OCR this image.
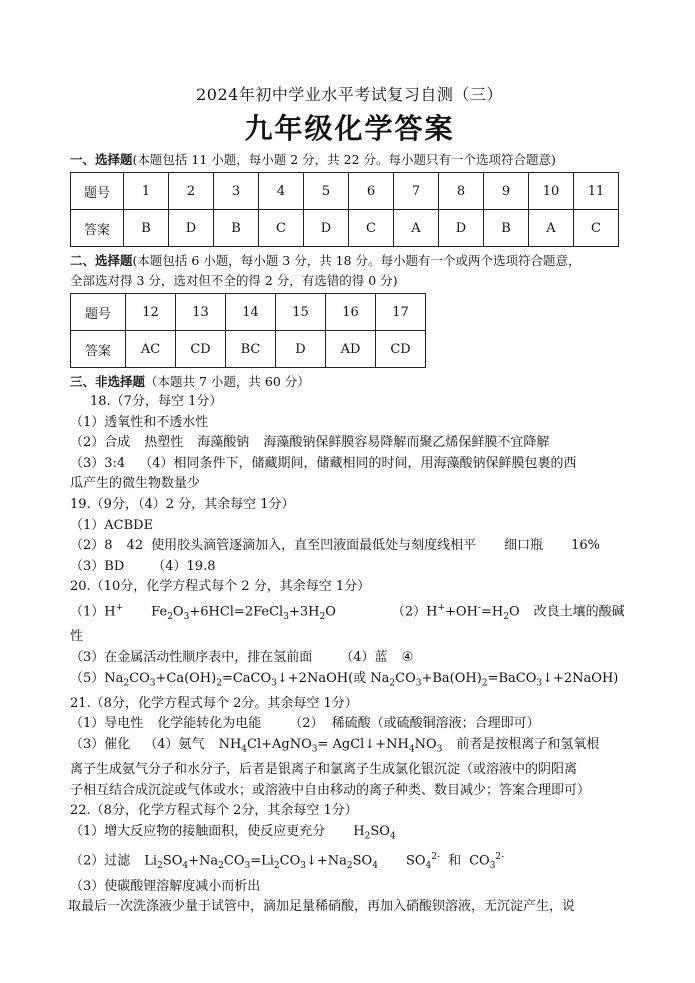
2024年初中学业水平考试复习自测（三）
九年级化学答案
一、选择题(本题包括 11 小题，每小题 2 分，共 22 分。每小题只有一个选项符合题意)
题号	1	2	3	4	5	6	7	8	9	10	11
答案	B	D	B	C	D	C	A	D	B	A	C
二、选择题(本题包括 6 小题，每小题 3 分，共 18 分。每小题有一个或两个选项符合题意，
全部选对得 3 分，选对但不全的得 2 分，有选错的得 0 分)
题号	12	13	14	15	16	17
答案	AC	CD	BC	D	AD	CD
三、非选择题（本题共 7 小题，共 60 分）

18.（7分，每空 1分）

（1）透氧性和不透水性

（2）合成 热塑性 海藻酸钠 海藻酸钠保鲜膜容易降解而聚乙烯保鲜膜不宜降解

（3）3:4 （4）相同条件下，储藏期间，储藏相同的时间，用海藻酸钠保鲜膜包裹的西

瓜产生的微生物数量少

19.（9分，（4）2 分，其余每空 1分）

（1）ACBDE

（2）8 42 使用胶头滴管逐滴加入，直至凹液面最低处与刻度线相平 细口瓶 16%

（3）BD （4）19.8

20.（10分，化学方程式每个 2 分，其余每空 1分）

（1）H+ $Fe_2O_3+6HCl=2FeCl_3+3H_2O$	$(2)H^++OH^-=H_2O$ 改良土壤的酸碱

性

（3）在金属活动性顺序表中，排在氢前面 （4）蓝 ④

$(5)Na_2CO_3+Ca(OH)_2=CaCO_3↓+2NaOH$(或 $Na_2CO_3+Ba(OH)_2=BaCO_3↓+2NaOH$)

21.（8分，化学方程式每个 2分。其余每空 1分）

（1）导电性 化学能转化为电能 （2） 稀硫酸（或硫酸铜溶液；合理即可）

（3）催化 （4）氨气 $NH_4Cl+AgNO_3=$ $AgCl↓+NH_4NO_3$ 前者是按根离子和氢氧根

离子生成氨气分子和水分子，后者是银离子和氯离子生成氯化银沉淀（或溶液中的阴阳离

子相互结合成沉淀或气体或水；或溶液中自由移动的离子种类、数目减少；答案合理即可）

22.（8分，化学方程式每个 2分，其余每空 1分）

（1）增大反应物的接触面积，使反应更充分 $H_2SO_4$

（2）过滤 $Li_2SO_4+Na_2CO_3=Li_2CO_3↓+Na_2SO_4$ $SO_4^{2-}$ 和 $CO_3^{2-}$

（3）使碳酸锂溶解度减小而析出

取最后一次洗涤液少量于试管中，滴加足量稀硝酸，再加入硝酸钡溶液，无沉淀产生，说
